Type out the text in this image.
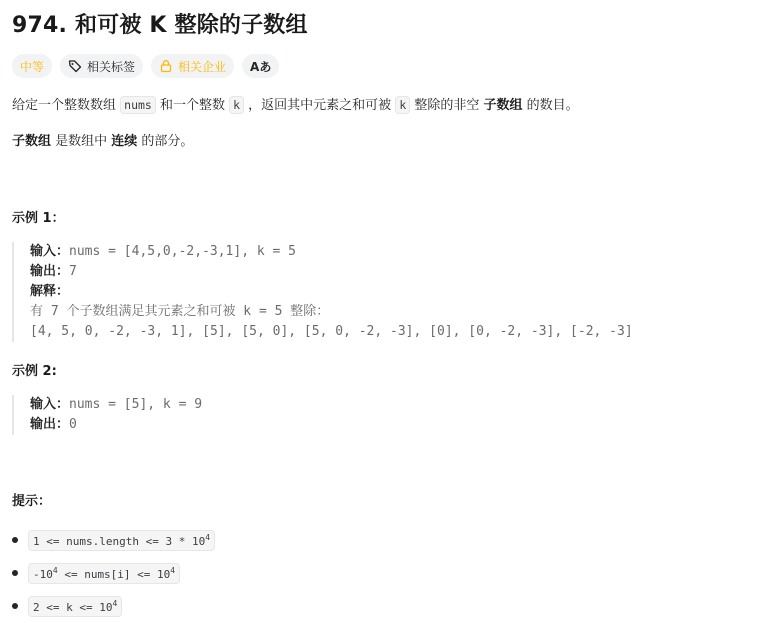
974. 和可被 K 整除的子数组
中等	相关标签	相关企业	Aあ
给定一个整数数组 nums 和一个整数 k ，返回其中元素之和可被 k 整除的非空 子数组 的数目。
子数组 是数组中 连续 的部分。
示例 1：
输入：nums = [4,5,0,-2,-3,1], k = 5
输出：7
解释：
有 7 个子数组满足其元素之和可被 k = 5 整除：
[4, 5, 0, -2, -3, 1], [5], [5, 0], [5, 0, -2, -3], [0], [0, -2, -3], [-2, -3]
示例 2:
输入：nums = [5], k = 9
输出：0
提示：
1 <= nums.length <= $3 * 10^4$
$-10^4$ <= nums[i] <= $10^4$
$2 <= k <= 10^4$
